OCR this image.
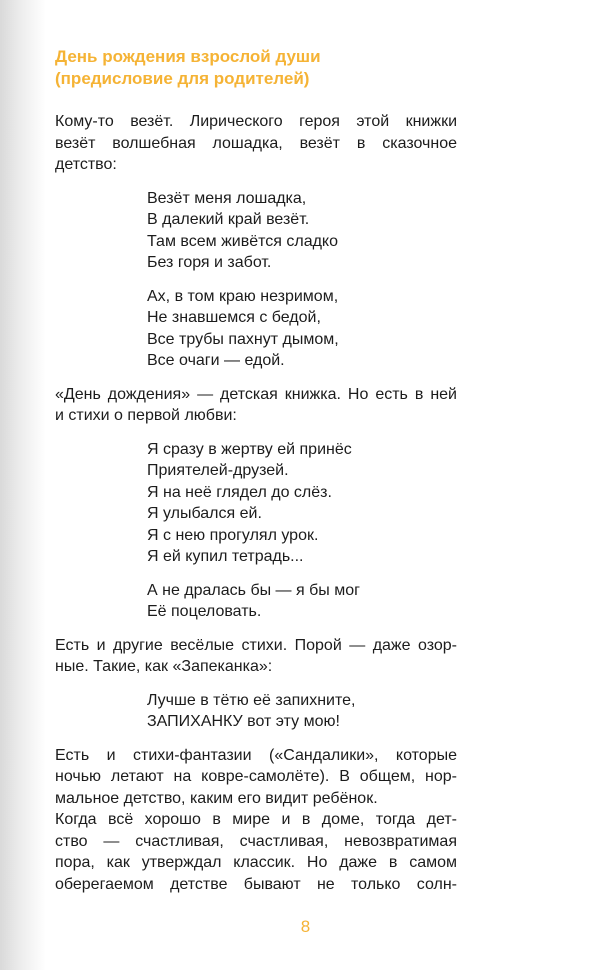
День рождения взрослой души
(предисловие для родителей)

Кому-то везёт. Лирического героя этой книжки
везёт волшебная лошадка, везёт в сказочное
детство:

Везёт меня лошадка,
В далекий край везёт.
Там всем живётся сладко
Без горя и забот.
Ах, в том краю незримом,
Не знавшемся с бедой,
Все трубы пахнут дымом,
Все очаги — едой.

«День дождения» — детская книжка. Но есть в ней
и стихи о первой любви:

Я сразу в жертву ей принёс
Приятелей-друзей.
Я на неё глядел до слёз.
Я улыбался ей.
Я с нею прогулял урок.
Я ей купил тетрадь...
А не дралась бы — я бы мог
Её поцеловать.

Есть и другие весёлые стихи. Порой — даже озор-
ные. Такие, как «Запеканка»:

Лучше в тётю её запихните,
ЗАПИХАНКУ вот эту мою!

Есть и стихи-фантазии («Сандалики», которые
ночью летают на ковре-самолёте). В общем, нор-
мальное детство, каким его видит ребёнок.
Когда всё хорошо в мире и в доме, тогда дет-
ство — счастливая, счастливая, невозвратимая
пора, как утверждал классик. Но даже в самом
оберегаемом детстве бывают не только солн-

8
